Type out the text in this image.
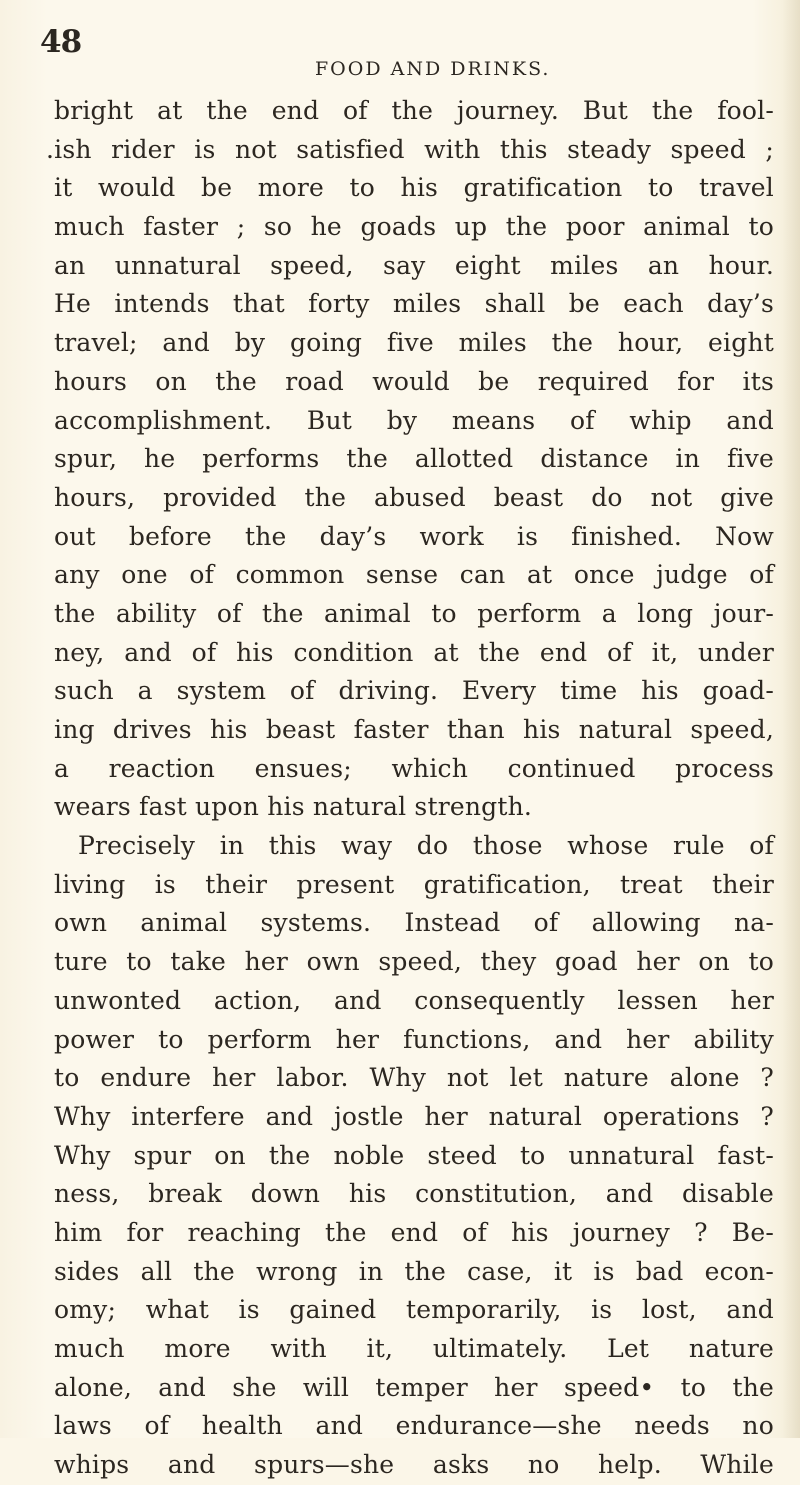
48
FOOD AND DRINKS.
bright at the end of the journey. But the fool-
.ish rider is not satisfied with this steady speed ;
it would be more to his gratification to travel
much faster ; so he goads up the poor animal to
an unnatural speed, say eight miles an hour.
He intends that forty miles shall be each day’s
travel; and by going five miles the hour, eight
hours on the road would be required for its
accomplishment. But by means of whip and
spur, he performs the allotted distance in five
hours, provided the abused beast do not give
out before the day’s work is finished. Now
any one of common sense can at once judge of
the ability of the animal to perform a long jour-
ney, and of his condition at the end of it, under
such a system of driving. Every time his goad-
ing drives his beast faster than his natural speed,
a reaction ensues; which continued process
wears fast upon his natural strength.
Precisely in this way do those whose rule of
living is their present gratification, treat their
own animal systems. Instead of allowing na-
ture to take her own speed, they goad her on to
unwonted action, and consequently lessen her
power to perform her functions, and her ability
to endure her labor. Why not let nature alone ?
Why interfere and jostle her natural operations ?
Why spur on the noble steed to unnatural fast-
ness, break down his constitution, and disable
him for reaching the end of his journey ? Be-
sides all the wrong in the case, it is bad econ-
omy; what is gained temporarily, is lost, and
much more with it, ultimately. Let nature
alone, and she will temper her speed• to the
laws of health and endurance—she needs no
whips and spurs—she asks no help. While
